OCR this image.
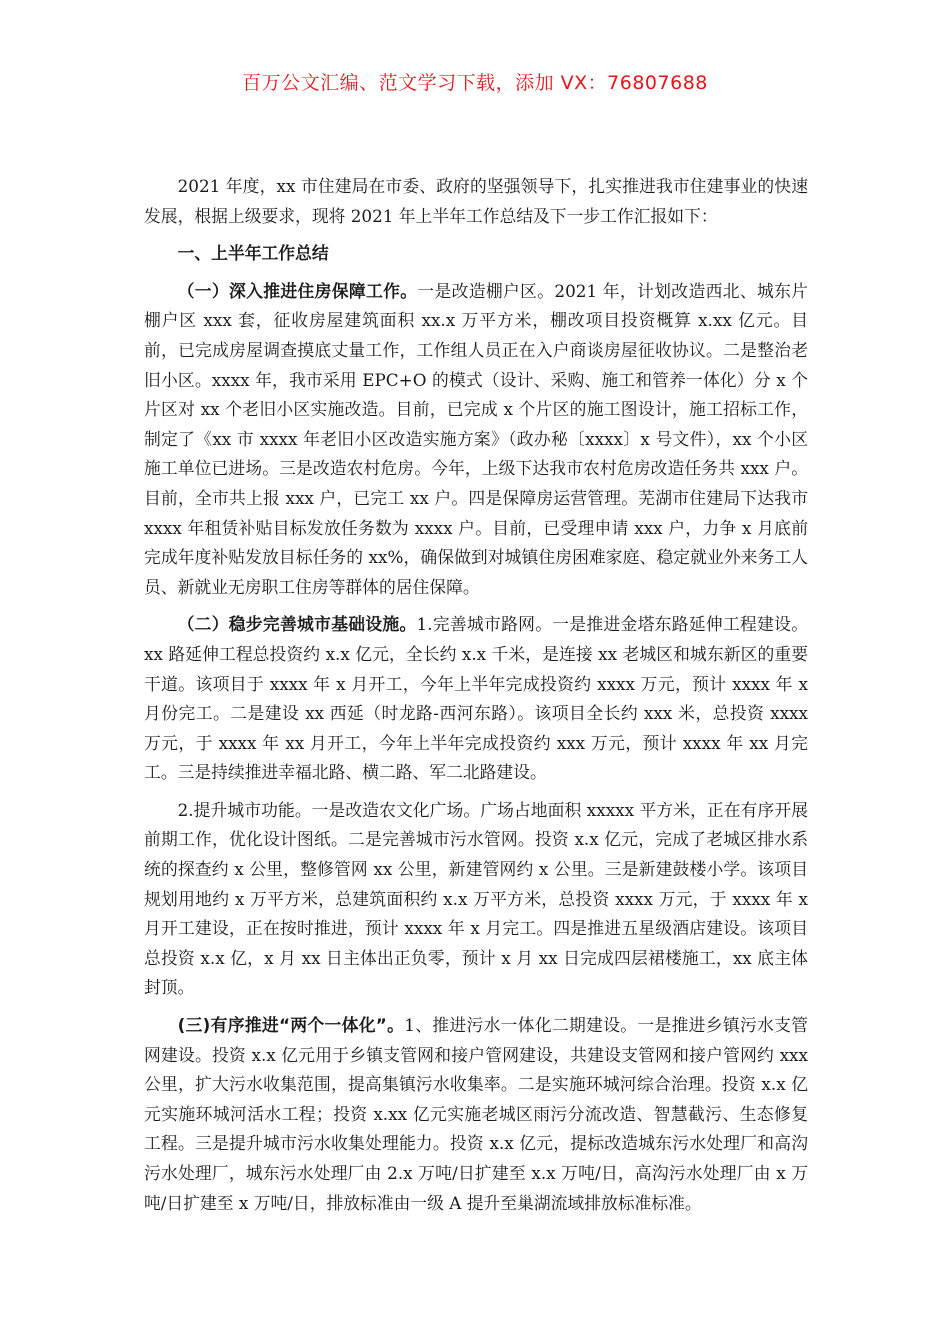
百万公文汇编、范文学习下载，添加 VX：76807688

2021 年度，xx 市住建局在市委、政府的坚强领导下，扎实推进我市住建事业的快速发展，根据上级要求，现将 2021 年上半年工作总结及下一步工作汇报如下：

一、上半年工作总结

（一）深入推进住房保障工作。一是改造棚户区。2021 年，计划改造西北、城东片棚户区 xxx 套，征收房屋建筑面积 xx.x 万平方米，棚改项目投资概算 x.xx 亿元。目前，已完成房屋调查摸底丈量工作，工作组人员正在入户商谈房屋征收协议。二是整治老旧小区。xxxx 年，我市采用 EPC+O 的模式（设计、采购、施工和管养一体化）分 x 个片区对 xx 个老旧小区实施改造。目前，已完成 x 个片区的施工图设计，施工招标工作，制定了《xx 市 xxxx 年老旧小区改造实施方案》（政办秘〔xxxx〕x 号文件），xx 个小区施工单位已进场。三是改造农村危房。今年，上级下达我市农村危房改造任务共 xxx 户。目前，全市共上报 xxx 户，已完工 xx 户。四是保障房运营管理。芜湖市住建局下达我市 xxxx 年租赁补贴目标发放任务数为 xxxx 户。目前，已受理申请 xxx 户，力争 x 月底前完成年度补贴发放目标任务的 xx%，确保做到对城镇住房困难家庭、稳定就业外来务工人员、新就业无房职工住房等群体的居住保障。

（二）稳步完善城市基础设施。1.完善城市路网。一是推进金塔东路延伸工程建设。xx 路延伸工程总投资约 x.x 亿元，全长约 x.x 千米，是连接 xx 老城区和城东新区的重要干道。该项目于 xxxx 年 x 月开工，今年上半年完成投资约 xxxx 万元，预计 xxxx 年 x 月份完工。二是建设 xx 西延（时龙路-西河东路）。该项目全长约 xxx 米，总投资 xxxx 万元，于 xxxx 年 xx 月开工，今年上半年完成投资约 xxx 万元，预计 xxxx 年 xx 月完工。三是持续推进幸福北路、横二路、军二北路建设。

2.提升城市功能。一是改造农文化广场。广场占地面积 xxxxx 平方米，正在有序开展前期工作，优化设计图纸。二是完善城市污水管网。投资 x.x 亿元，完成了老城区排水系统的探查约 x 公里，整修管网 xx 公里，新建管网约 x 公里。三是新建鼓楼小学。该项目规划用地约 x 万平方米，总建筑面积约 x.x 万平方米，总投资 xxxx 万元，于 xxxx 年 x 月开工建设，正在按时推进，预计 xxxx 年 x 月完工。四是推进五星级酒店建设。该项目总投资 x.x 亿，x 月 xx 日主体出正负零，预计 x 月 xx 日完成四层裙楼施工，xx 底主体封顶。

(三)有序推进“两个一体化”。1、推进污水一体化二期建设。一是推进乡镇污水支管网建设。投资 x.x 亿元用于乡镇支管网和接户管网建设，共建设支管网和接户管网约 xxx 公里，扩大污水收集范围，提高集镇污水收集率。二是实施环城河综合治理。投资 x.x 亿元实施环城河活水工程；投资 x.xx 亿元实施老城区雨污分流改造、智慧截污、生态修复工程。三是提升城市污水收集处理能力。投资 x.x 亿元，提标改造城东污水处理厂和高沟污水处理厂，城东污水处理厂由 2.x 万吨/日扩建至 x.x 万吨/日，高沟污水处理厂由 x 万吨/日扩建至 x 万吨/日，排放标准由一级 A 提升至巢湖流域排放标准标准。
